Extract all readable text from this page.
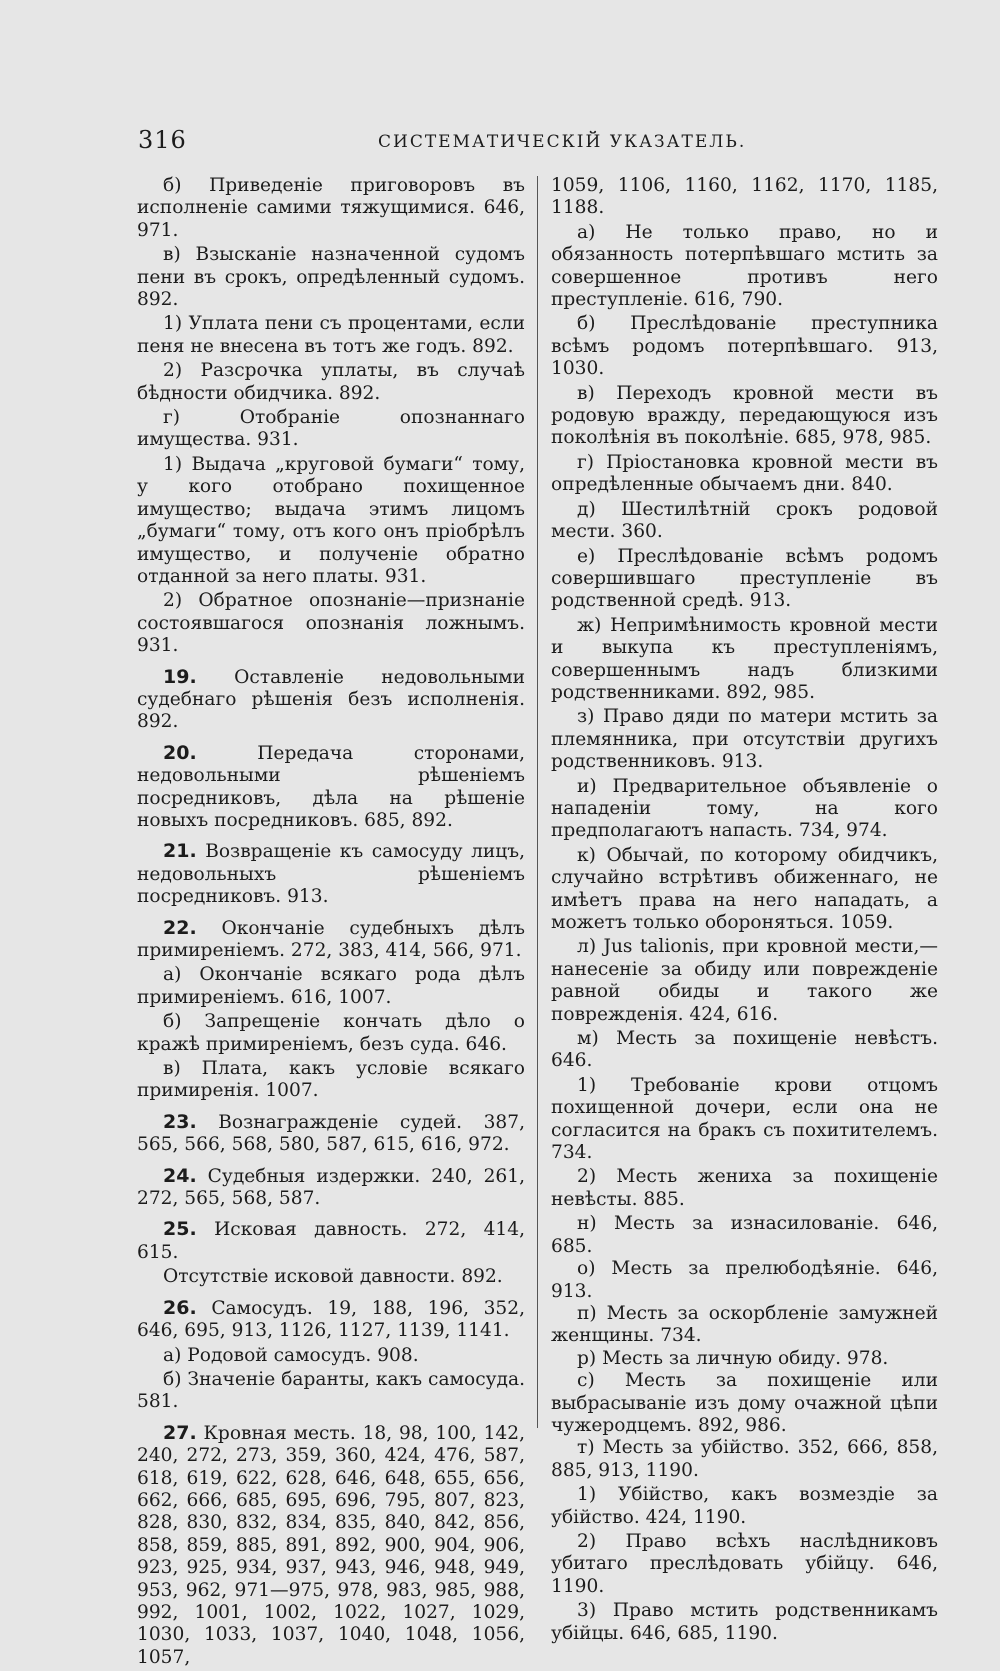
316	СИСТЕМАТИЧЕСКІЙ УКАЗАТЕЛЬ.

б) Приведеніе приговоровъ въ исполненіе самими тяжущимися. 646, 971.

в) Взысканіе назначенной судомъ пени въ срокъ, опредѣленный судомъ. 892.

1) Уплата пени съ процентами, если пеня не внесена въ тотъ же годъ. 892.

2) Разсрочка уплаты, въ случаѣ бѣдности обидчика. 892.

г) Отобраніе опознаннаго имущества. 931.

1) Выдача „круговой бумаги“ тому, у кого отобрано похищенное имущество; выдача этимъ лицомъ „бумаги“ тому, отъ кого онъ пріобрѣлъ имущество, и полученіе обратно отданной за него платы. 931.

2) Обратное опознаніе—признаніе состоявшагося опознанія ложнымъ. 931.

19. Оставленіе недовольными судебнаго рѣшенія безъ исполненія. 892.

20.	Передача сторонами, недовольными рѣшеніемъ посредниковъ, дѣла на рѣшеніе новыхъ посредниковъ. 685, 892.

21. Возвращеніе къ самосуду лицъ, недовольныхъ рѣшеніемъ посредниковъ. 913.

22. Окончаніе судебныхъ дѣлъ примиреніемъ. 272, 383, 414, 566, 971.

а) Окончаніе всякаго рода дѣлъ примиреніемъ. 616, 1007.

б) Запрещеніе кончать дѣло о кражѣ примиреніемъ, безъ суда. 646.

в) Плата, какъ условіе всякаго примиренія. 1007.

23. Вознагражденіе судей. 387, 565, 566, 568, 580, 587, 615, 616, 972.

24. Судебныя издержки. 240, 261, 272, 565, 568, 587.

25. Исковая давность. 272, 414, 615.

Отсутствіе исковой давности. 892.

26. Самосудъ. 19, 188, 196, 352, 646, 695, 913, 1126, 1127, 1139, 1141.

а) Родовой самосудъ. 908.

б) Значеніе баранты, какъ самосуда. 581.

27. Кровная месть. 18, 98, 100, 142, 240, 272, 273, 359, 360, 424, 476, 587, 618, 619, 622, 628, 646, 648, 655, 656, 662, 666, 685, 695, 696, 795, 807, 823, 828, 830, 832, 834, 835, 840, 842, 856, 858, 859, 885, 891, 892, 900, 904, 906, 923, 925, 934, 937, 943, 946, 948, 949, 953, 962, 971—975, 978, 983, 985, 988, 992, 1001, 1002, 1022, 1027, 1029, 1030, 1033, 1037, 1040, 1048, 1056, 1057,

1059, 1106, 1160, 1162, 1170, 1185, 1188.

а) Не только право, но и обязанность потерпѣвшаго мстить за совершенное противъ него преступленіе. 616, 790.

б) Преслѣдованіе преступника всѣмъ родомъ потерпѣвшаго. 913, 1030.

в) Переходъ кровной мести въ родовую вражду, передающуюся изъ поколѣнія въ поколѣніе. 685, 978, 985.

г) Пріостановка кровной мести въ опредѣленные обычаемъ дни. 840.

д) Шестилѣтній срокъ родовой мести. 360.

е) Преслѣдованіе всѣмъ родомъ совершившаго преступленіе въ родственной средѣ. 913.

ж) Непримѣнимость кровной мести и выкупа къ преступленіямъ, совершеннымъ надъ близкими родственниками. 892, 985.

з) Право дяди по матери мстить за племянника, при отсутствіи другихъ родственниковъ. 913.

и) Предварительное объявленіе о нападеніи тому, на кого предполагаютъ напасть. 734, 974.

к) Обычай, по которому обидчикъ, случайно встрѣтивъ обиженнаго, не имѣетъ права на него нападать, а можетъ только обороняться. 1059.

л) Jus talionis, при кровной мести,—нанесеніе за обиду или поврежденіе равной обиды и такого же поврежденія. 424, 616.

м) Месть за похищеніе невѣстъ. 646.

1) Требованіе крови отцомъ похищенной дочери, если она не согласится на бракъ съ похитителемъ. 734.

2) Месть жениха за похищеніе невѣсты. 885.

н) Месть за изнасилованіе. 646, 685.

о) Месть за прелюбодѣяніе. 646, 913.

п) Месть за оскорбленіе замужней женщины. 734.

р) Месть за личную обиду. 978.

с) Месть за похищеніе или выбрасываніе изъ дому очажной цѣпи чужеродцемъ. 892, 986.

т) Месть за убійство. 352, 666, 858, 885, 913, 1190.

1) Убійство, какъ возмездіе за убійство. 424, 1190.

2) Право всѣхъ наслѣдниковъ убитаго преслѣдовать убійцу. 646, 1190.

3) Право мстить родственникамъ убійцы. 646, 685, 1190.
